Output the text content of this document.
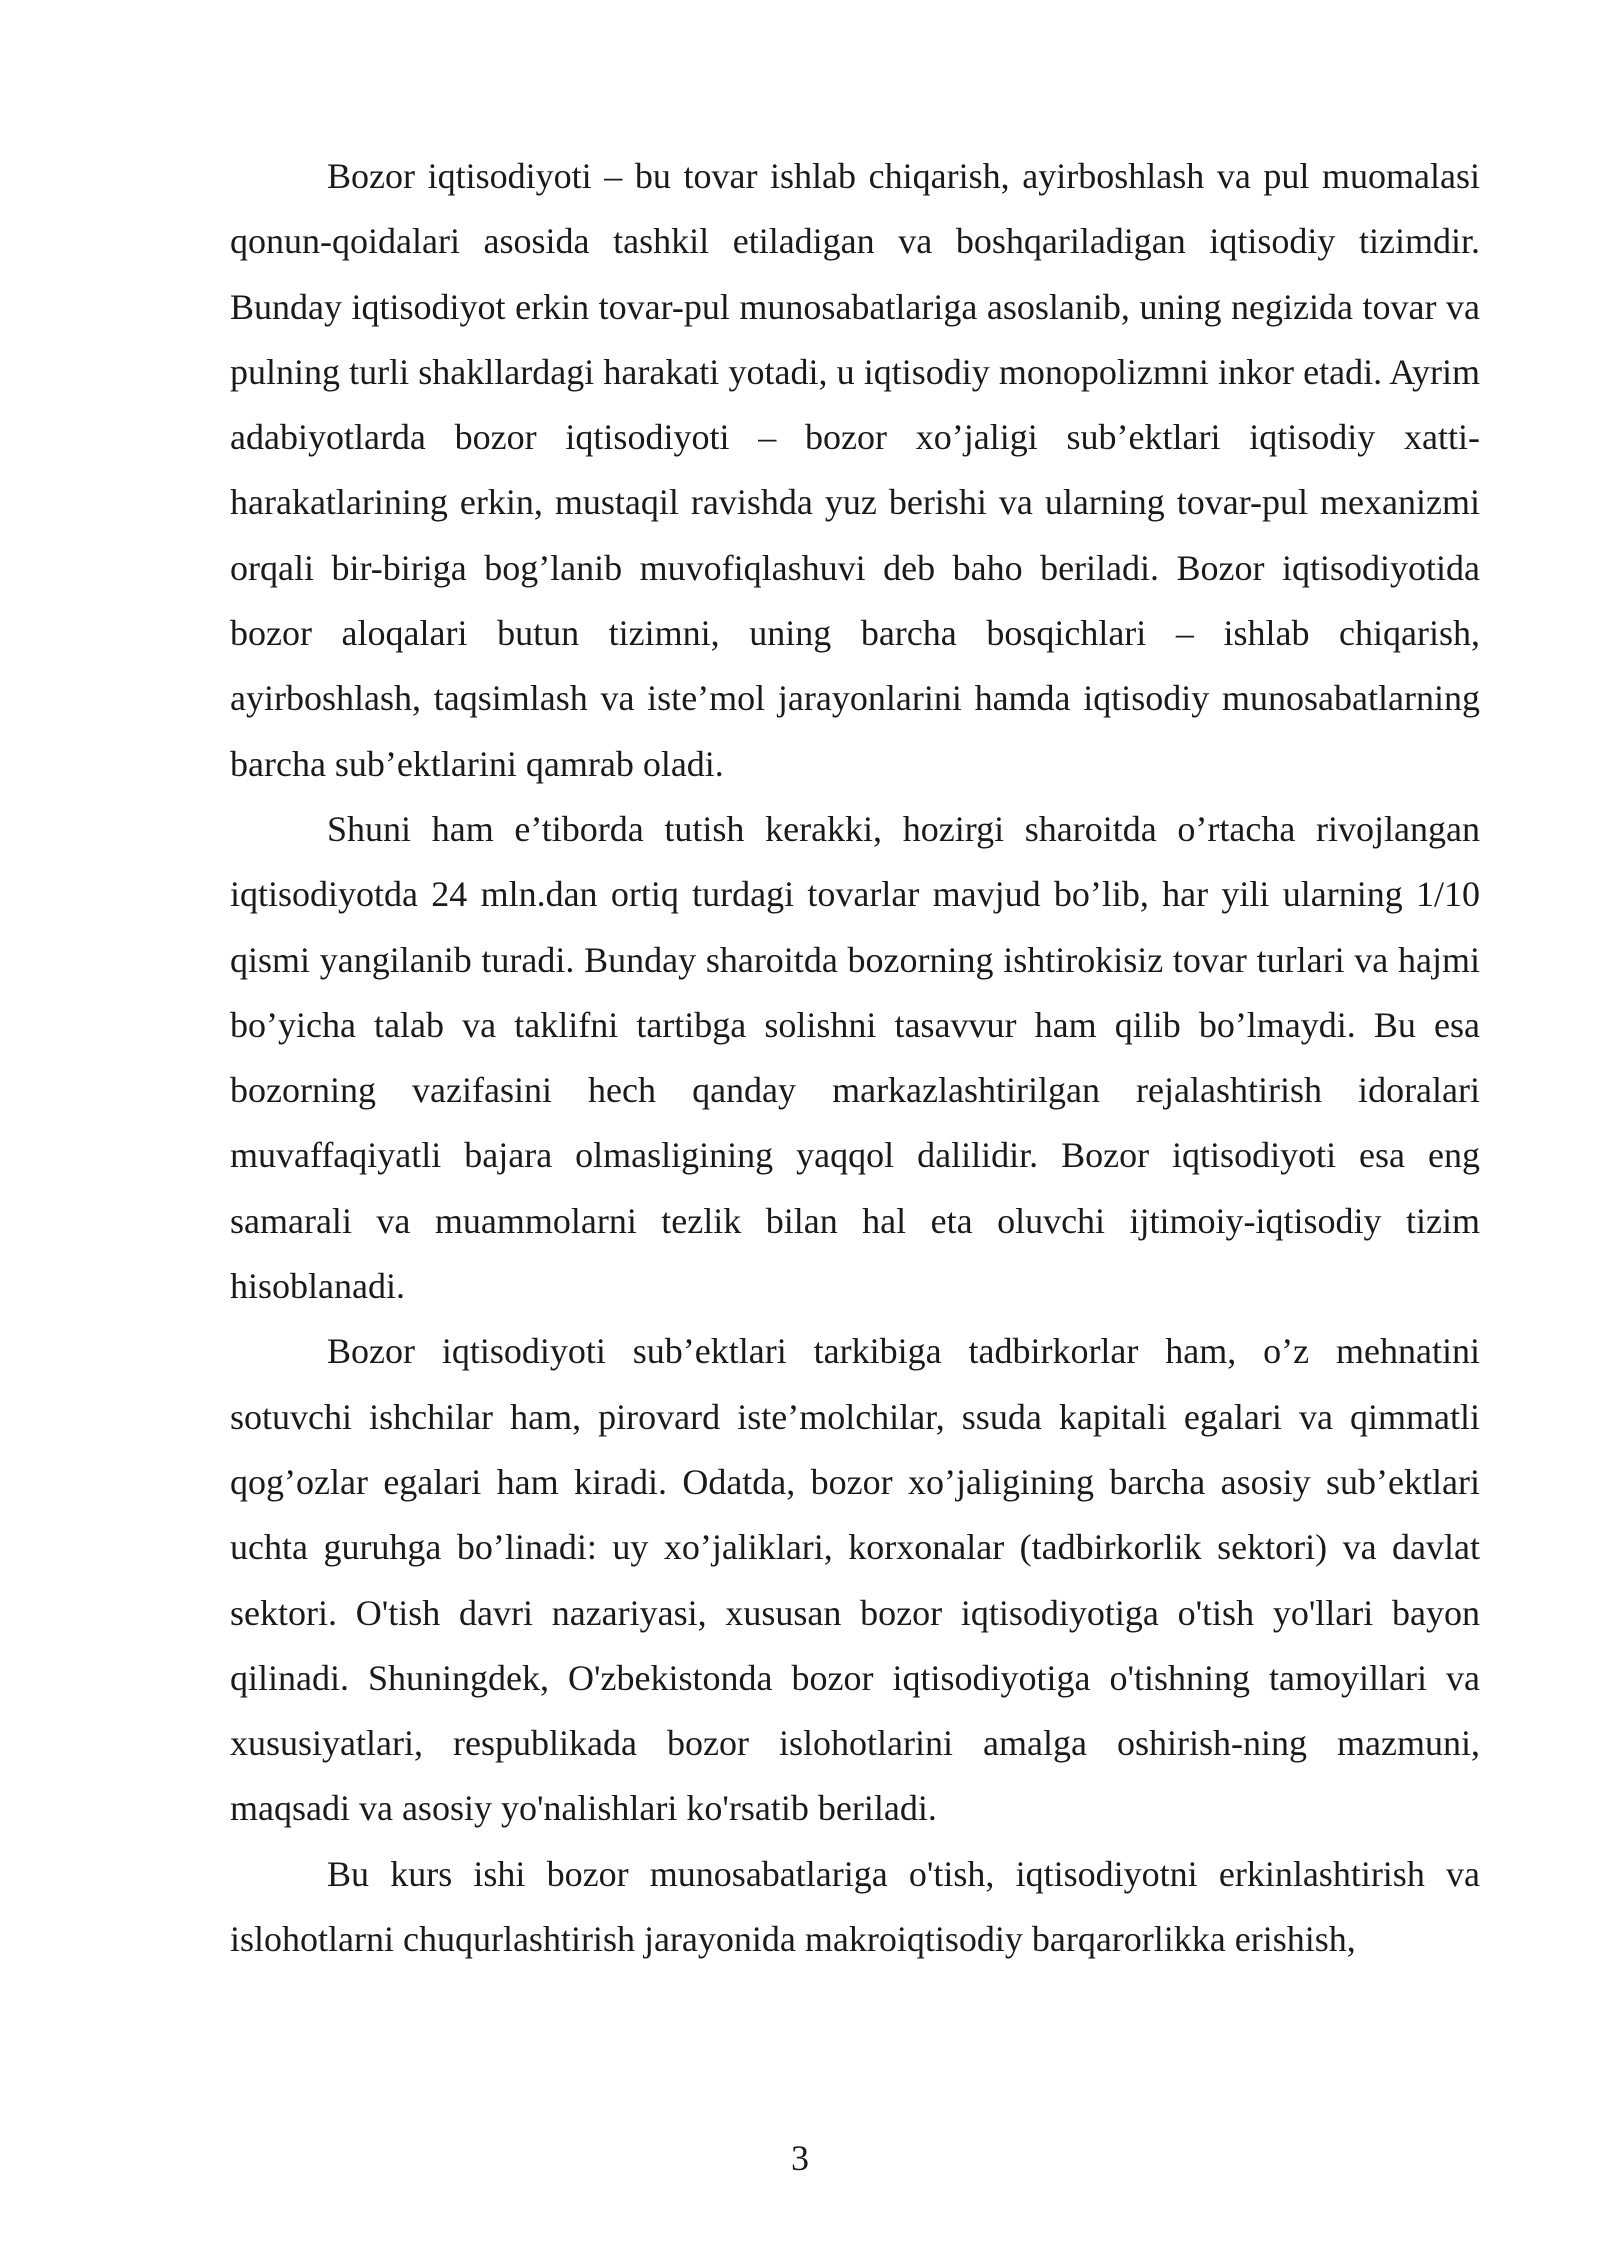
Bozor iqtisodiyoti – bu tovar ishlab chiqarish, ayirboshlash va pul muomalasi qonun-qoidalari asosida tashkil etiladigan va boshqariladigan iqtisodiy tizimdir. Bunday iqtisodiyot erkin tovar-pul munosabatlariga asoslanib, uning negizida tovar va pulning turli shakllardagi harakati yotadi, u iqtisodiy monopolizmni inkor etadi. Ayrim adabiyotlarda bozor iqtisodiyoti – bozor xo’jaligi sub’ektlari iqtisodiy xatti-harakatlarining erkin, mustaqil ravishda yuz berishi va ularning tovar-pul mexanizmi orqali bir-biriga bog’lanib muvofiqlashuvi deb baho beriladi. Bozor iqtisodiyotida bozor aloqalari butun tizimni, uning barcha bosqichlari – ishlab chiqarish, ayirboshlash, taqsimlash va iste’mol jarayonlarini hamda iqtisodiy munosabatlarning barcha sub’ektlarini qamrab oladi.

Shuni ham e’tiborda tutish kerakki, hozirgi sharoitda o’rtacha rivojlangan iqtisodiyotda 24 mln.dan ortiq turdagi tovarlar mavjud bo’lib, har yili ularning 1/10 qismi yangilanib turadi. Bunday sharoitda bozorning ishtirokisiz tovar turlari va hajmi bo’yicha talab va taklifni tartibga solishni tasavvur ham qilib bo’lmaydi. Bu esa bozorning vazifasini hech qanday markazlashtirilgan rejalashtirish idoralari muvaffaqiyatli bajara olmasligining yaqqol dalilidir. Bozor iqtisodiyoti esa eng samarali va muammolarni tezlik bilan hal eta oluvchi ijtimoiy-iqtisodiy tizim hisoblanadi.

Bozor iqtisodiyoti sub’ektlari tarkibiga tadbirkorlar ham, o’z mehnatini sotuvchi ishchilar ham, pirovard iste’molchilar, ssuda kapitali egalari va qimmatli qog’ozlar egalari ham kiradi. Odatda, bozor xo’jaligining barcha asosiy sub’ektlari uchta guruhga bo’linadi: uy xo’jaliklari, korxonalar (tadbirkorlik sektori) va davlat sektori. O'tish davri nazariyasi, xususan bozor iqtisodiyotiga o'tish yo'llari bayon qilinadi. Shuningdek, O'zbekistonda bozor iqtisodiyotiga o'tishning tamoyillari va xususiyatlari, respublikada bozor islohotlarini amalga oshirish-ning mazmuni, maqsadi va asosiy yo'nalishlari ko'rsatib beriladi.

Bu kurs ishi bozor munosabatlariga o'tish, iqtisodiyotni erkinlashtirish va islohotlarni chuqurlashtirish jarayonida makroiqtisodiy barqarorlikka erishish,

3
